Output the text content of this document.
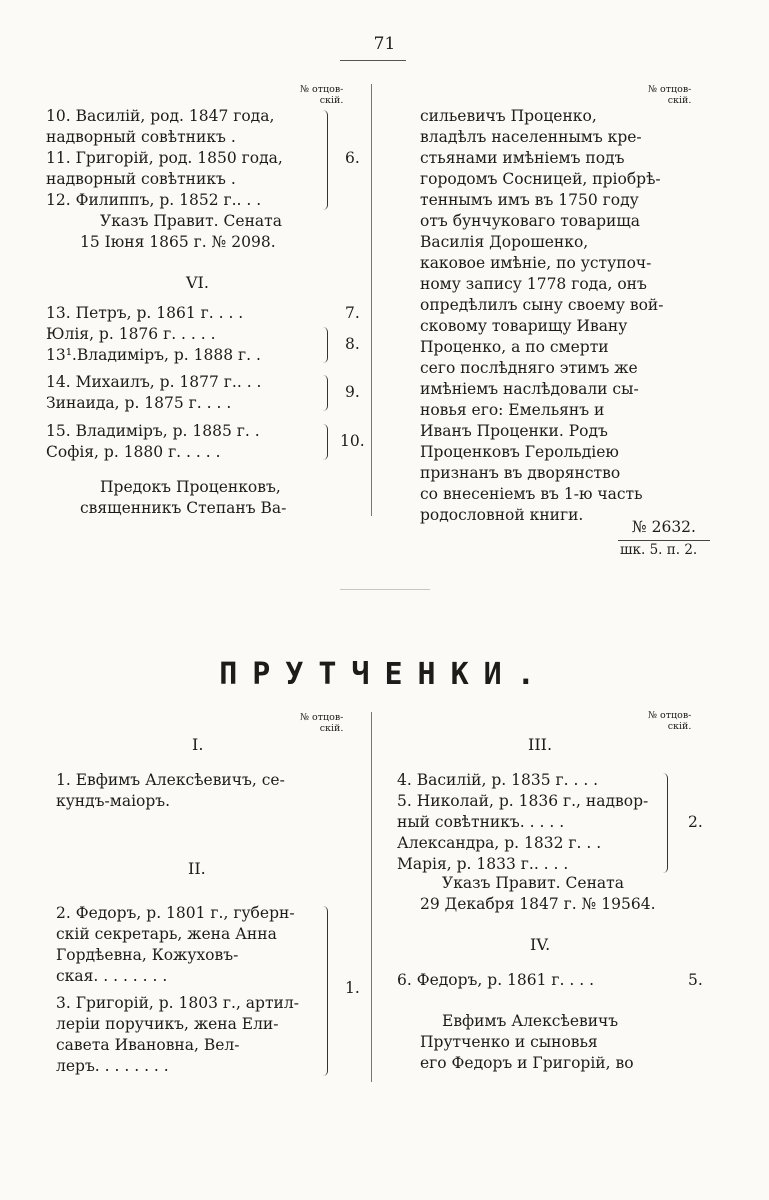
71
№ отцов-
скій.
№ отцов-
скій.
10. Василій, род. 1847 года,
надворный совѣтникъ .
11. Григорій, род. 1850 года,
надворный совѣтникъ .
12. Филиппъ, р. 1852 г.. . .
6.
Указъ Правит. Сената
15 Іюня 1865 г. № 2098.
VI.
13. Петръ, р. 1861 г. . . .	7.
Юлія, р. 1876 г. . . . .
13¹.Владиміръ, р. 1888 г. .
8.
14. Михаилъ, р. 1877 г.. . .
Зинаида, р. 1875 г. . . .
9.
15. Владиміръ, р. 1885 г. .
Софія, р. 1880 г. . . . .
10.
Предокъ Проценковъ,
священникъ Степанъ Ва-
сильевичъ Проценко,
владѣлъ населеннымъ кре-
стьянами имѣніемъ подъ
городомъ Сосницей, пріобрѣ-
теннымъ имъ въ 1750 году
отъ бунчуковаго товарища
Василія Дорошенко,
каковое имѣніе, по уступоч-
ному запису 1778 года, онъ
опредѣлилъ сыну своему вой-
сковому товарищу Ивану
Проценко, а по смерти
сего послѣдняго этимъ же
имѣніемъ наслѣдовали сы-
новья его: Емельянъ и
Иванъ Проценки. Родъ
Проценковъ Герольдіею
признанъ въ дворянство
со внесеніемъ въ 1-ю часть
родословной книги.
№ 2632.
шк. 5. п. 2.
ПРУТЧЕНКИ.
№ отцов-
скій.
№ отцов-
скій.
I.
1. Евфимъ Алексѣевичъ, се-
кундъ-маіоръ.
II.
2. Федоръ, р. 1801 г., губерн-
скій секретарь, жена Анна
Гордѣевна, Кожуховъ-
ская. . . . . . . .
3. Григорій, р. 1803 г., артил-
леріи поручикъ, жена Ели-
савета Ивановна, Вел-
леръ. . . . . . . .
1.
III.
4. Василій, р. 1835 г. . . .
5. Николай, р. 1836 г., надвор-
ный совѣтникъ. . . . .
Александра, р. 1832 г. . .
Марія, р. 1833 г.. . . .
2.
Указъ Правит. Сената
29 Декабря 1847 г. № 19564.
IV.
6. Федоръ, р. 1861 г. . . .	5.
Евфимъ Алексѣевичъ
Прутченко и сыновья
его Федоръ и Григорій, во
